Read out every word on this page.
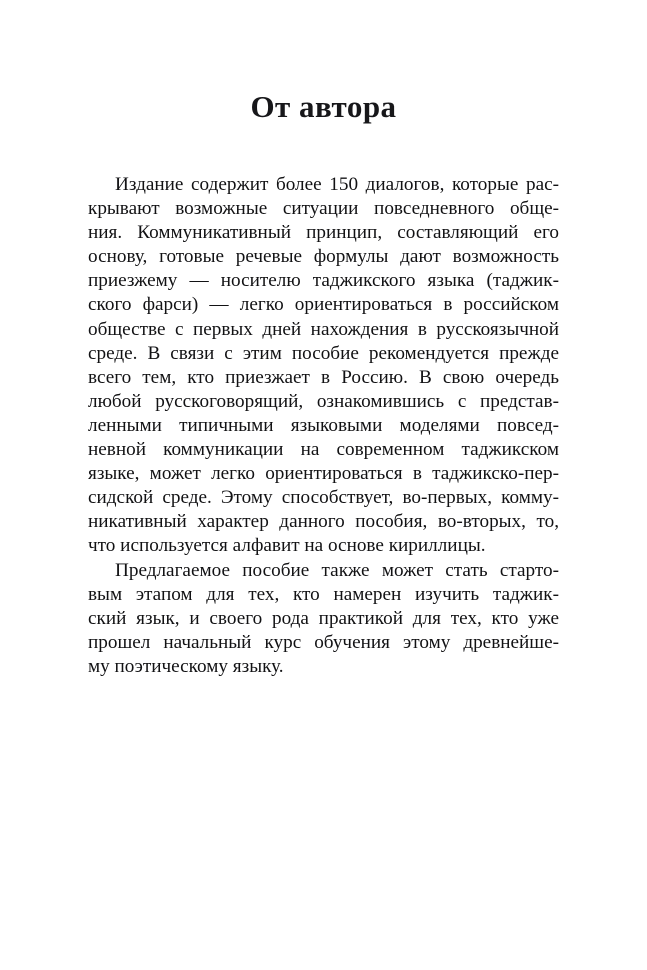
От автора

Издание содержит более 150 диалогов, которые рас-
крывают возможные ситуации повседневного обще-
ния. Коммуникативный принцип, составляющий его
основу, готовые речевые формулы дают возможность
приезжему — носителю таджикского языка (таджик-
ского фарси) — легко ориентироваться в российском
обществе с первых дней нахождения в русскоязычной
среде. В связи с этим пособие рекомендуется прежде
всего тем, кто приезжает в Россию. В свою очередь
любой русскоговорящий, ознакомившись с представ-
ленными типичными языковыми моделями повсед-
невной коммуникации на современном таджикском
языке, может легко ориентироваться в таджикско-пер-
сидской среде. Этому способствует, во-первых, комму-
никативный характер данного пособия, во-вторых, то,
что используется алфавит на основе кириллицы.

Предлагаемое пособие также может стать старто-
вым этапом для тех, кто намерен изучить таджик-
ский язык, и своего рода практикой для тех, кто уже
прошел начальный курс обучения этому древнейше-
му поэтическому языку.
